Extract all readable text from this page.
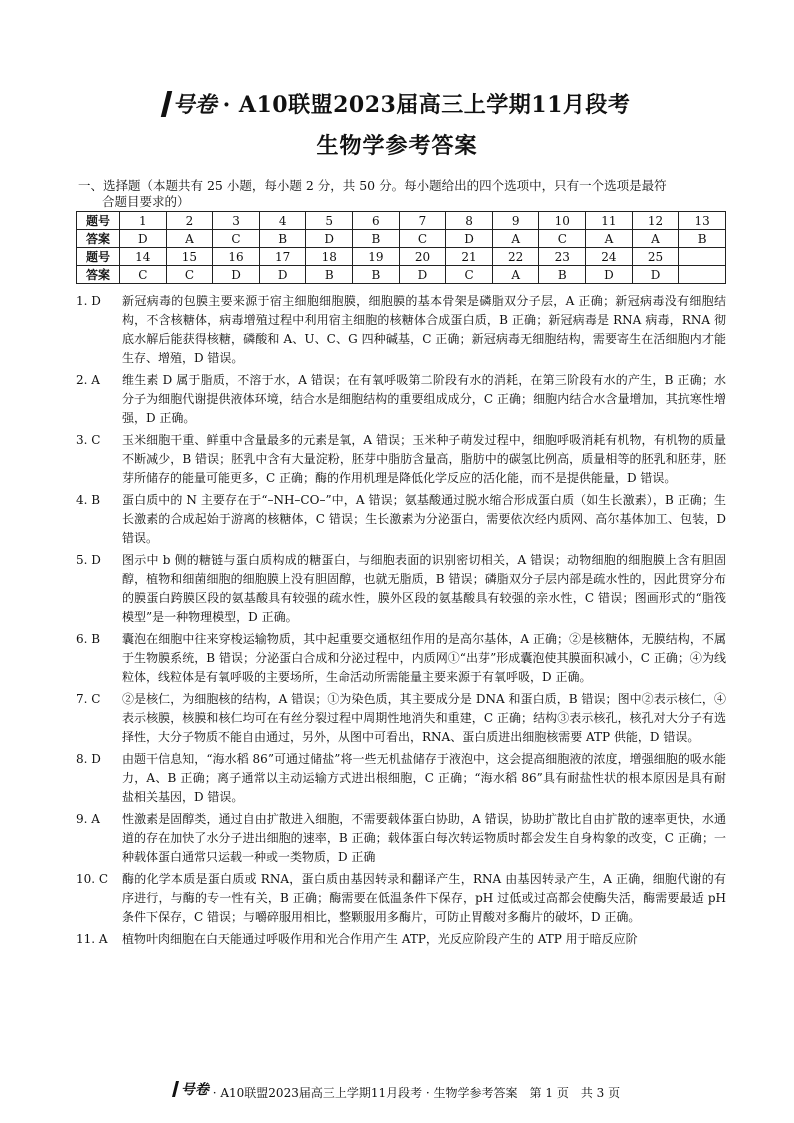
号卷 · A10联盟2023届高三上学期11月段考
生物学参考答案
一、选择题（本题共有 25 小题，每小题 2 分，共 50 分。每小题给出的四个选项中，只有一个选项是最符
合题目要求的）
题号	1	2	3	4	5	6	7	8	9	10	11	12	13
答案	D	A	C	B	D	B	C	D	A	C	A	A	B
题号	14	15	16	17	18	19	20	21	22	23	24	25	
答案	C	C	D	D	B	B	D	C	A	B	D	D	
1. D	新冠病毒的包膜主要来源于宿主细胞细胞膜，细胞膜的基本骨架是磷脂双分子层，A 正确；新冠病毒没有细胞结构，不含核糖体，病毒增殖过程中利用宿主细胞的核糖体合成蛋白质，B 正确；新冠病毒是 RNA 病毒，RNA 彻底水解后能获得核糖，磷酸和 A、U、C、G 四种碱基，C 正确；新冠病毒无细胞结构，需要寄生在活细胞内才能生存、增殖，D 错误。
2. A	维生素 D 属于脂质，不溶于水，A 错误；在有氧呼吸第二阶段有水的消耗，在第三阶段有水的产生，B 正确；水分子为细胞代谢提供液体环境，结合水是细胞结构的重要组成成分，C 正确；细胞内结合水含量增加，其抗寒性增强，D 正确。
3. C	玉米细胞干重、鲜重中含量最多的元素是氧，A 错误；玉米种子萌发过程中，细胞呼吸消耗有机物，有机物的质量不断减少，B 错误；胚乳中含有大量淀粉，胚芽中脂肪含量高，脂肪中的碳氢比例高，质量相等的胚乳和胚芽，胚芽所储存的能量可能更多，C 正确；酶的作用机理是降低化学反应的活化能，而不是提供能量，D 错误。
4. B	蛋白质中的 N 主要存在于“–NH–CO–”中，A 错误；氨基酸通过脱水缩合形成蛋白质（如生长激素），B 正确；生长激素的合成起始于游离的核糖体，C 错误；生长激素为分泌蛋白，需要依次经内质网、高尔基体加工、包装，D 错误。
5. D	图示中 b 侧的糖链与蛋白质构成的糖蛋白，与细胞表面的识别密切相关，A 错误；动物细胞的细胞膜上含有胆固醇，植物和细菌细胞的细胞膜上没有胆固醇，也就无脂质，B 错误；磷脂双分子层内部是疏水性的，因此贯穿分布的膜蛋白跨膜区段的氨基酸具有较强的疏水性，膜外区段的氨基酸具有较强的亲水性，C 错误；图画形式的“脂筏模型”是一种物理模型，D 正确。
6. B	囊泡在细胞中往来穿梭运输物质，其中起重要交通枢纽作用的是高尔基体，A 正确；②是核糖体，无膜结构，不属于生物膜系统，B 错误；分泌蛋白合成和分泌过程中，内质网①“出芽”形成囊泡使其膜面积减小，C 正确；④为线粒体，线粒体是有氧呼吸的主要场所，生命活动所需能量主要来源于有氧呼吸，D 正确。
7. C	②是核仁，为细胞核的结构，A 错误；①为染色质，其主要成分是 DNA 和蛋白质，B 错误；图中②表示核仁，④表示核膜，核膜和核仁均可在有丝分裂过程中周期性地消失和重建，C 正确；结构③表示核孔，核孔对大分子有选择性，大分子物质不能自由通过，另外，从图中可看出，RNA、蛋白质进出细胞核需要 ATP 供能，D 错误。
8. D	由题干信息知，“海水稻 86”可通过储盐”将一些无机盐储存于液泡中，这会提高细胞液的浓度，增强细胞的吸水能力，A、B 正确；离子通常以主动运输方式进出根细胞，C 正确；“海水稻 86”具有耐盐性状的根本原因是具有耐盐相关基因，D 错误。
9. A	性激素是固醇类，通过自由扩散进入细胞，不需要载体蛋白协助，A 错误，协助扩散比自由扩散的速率更快，水通道的存在加快了水分子进出细胞的速率，B 正确；载体蛋白每次转运物质时都会发生自身构象的改变，C 正确；一种载体蛋白通常只运载一种或一类物质，D 正确
10. C	酶的化学本质是蛋白质或 RNA，蛋白质由基因转录和翻译产生，RNA 由基因转录产生，A 正确，细胞代谢的有序进行，与酶的专一性有关，B 正确；酶需要在低温条件下保存，pH 过低或过高都会使酶失活，酶需要最适 pH 条件下保存，C 错误；与嚼碎服用相比，整颗服用多酶片，可防止胃酸对多酶片的破坏，D 正确。
11. A	植物叶肉细胞在白天能通过呼吸作用和光合作用产生 ATP，光反应阶段产生的 ATP 用于暗反应阶
号卷 · A10联盟2023届高三上学期11月段考 · 生物学参考答案　第 1 页　共 3 页
